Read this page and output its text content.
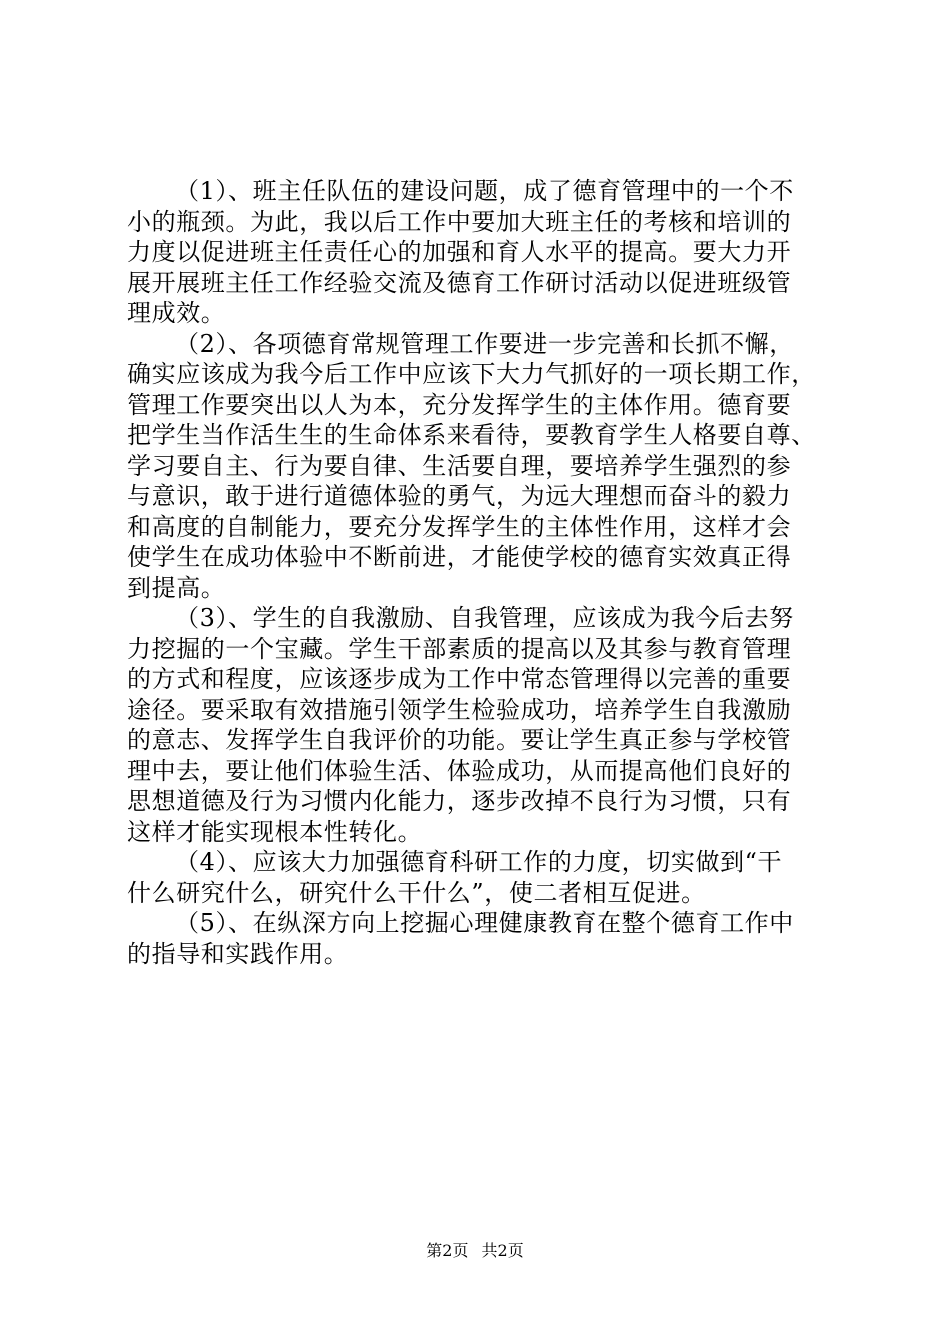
（1）、班主任队伍的建设问题，成了德育管理中的一个不
小的瓶颈。为此，我以后工作中要加大班主任的考核和培训的
力度以促进班主任责任心的加强和育人水平的提高。要大力开
展开展班主任工作经验交流及德育工作研讨活动以促进班级管
理成效。
（2）、各项德育常规管理工作要进一步完善和长抓不懈，
确实应该成为我今后工作中应该下大力气抓好的一项长期工作，
管理工作要突出以人为本，充分发挥学生的主体作用。德育要
把学生当作活生生的生命体系来看待，要教育学生人格要自尊、
学习要自主、行为要自律、生活要自理，要培养学生强烈的参
与意识，敢于进行道德体验的勇气，为远大理想而奋斗的毅力
和高度的自制能力，要充分发挥学生的主体性作用，这样才会
使学生在成功体验中不断前进，才能使学校的德育实效真正得
到提高。
（3）、学生的自我激励、自我管理，应该成为我今后去努
力挖掘的一个宝藏。学生干部素质的提高以及其参与教育管理
的方式和程度，应该逐步成为工作中常态管理得以完善的重要
途径。要采取有效措施引领学生检验成功，培养学生自我激励
的意志、发挥学生自我评价的功能。要让学生真正参与学校管
理中去，要让他们体验生活、体验成功，从而提高他们良好的
思想道德及行为习惯内化能力，逐步改掉不良行为习惯，只有
这样才能实现根本性转化。
（4）、应该大力加强德育科研工作的力度，切实做到“干
什么研究什么，研究什么干什么”，使二者相互促进。
（5）、在纵深方向上挖掘心理健康教育在整个德育工作中
的指导和实践作用。
第2页 共2页
